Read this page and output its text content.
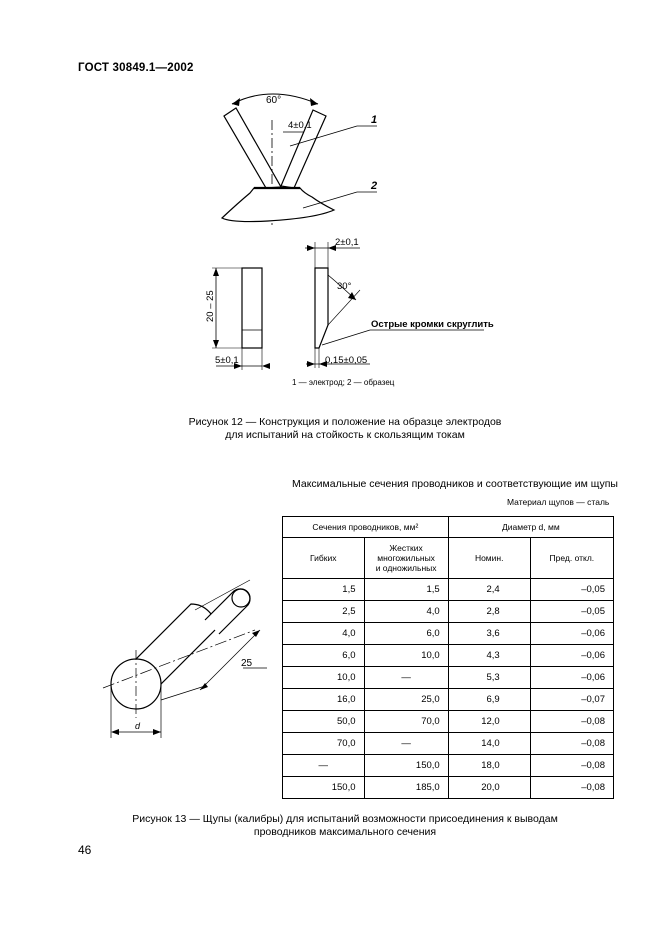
ГОСТ 30849.1—2002
60°
4±0,1	1
2
2±0,1
30°
20 – 25
5±0,1
Острые кромки скруглить
0,15±0,05
1 — электрод; 2 — образец
Рисунок 12 — Конструкция и положение на образце электродов
для испытаний на стойкость к скользящим токам
Максимальные сечения проводников и соответствующие им щупы
Материал щупов — сталь
Сечения проводников, мм²		Диаметр d, мм	
Гибких	Жестких
многожильных
и одножильных	Номин.	Пред. откл.
1,5	1,5	2,4	–0,05
2,5	4,0	2,8	–0,05
4,0	6,0	3,6	–0,06
6,0	10,0	4,3	–0,06
10,0	—	5,3	–0,06
16,0	25,0	6,9	–0,07
50,0	70,0	12,0	–0,08
70,0	—	14,0	–0,08
—	150,0	18,0	–0,08
150,0	185,0	20,0	–0,08
25
d
Рисунок 13 — Щупы (калибры) для испытаний возможности присоединения к выводам
проводников максимального сечения
46
